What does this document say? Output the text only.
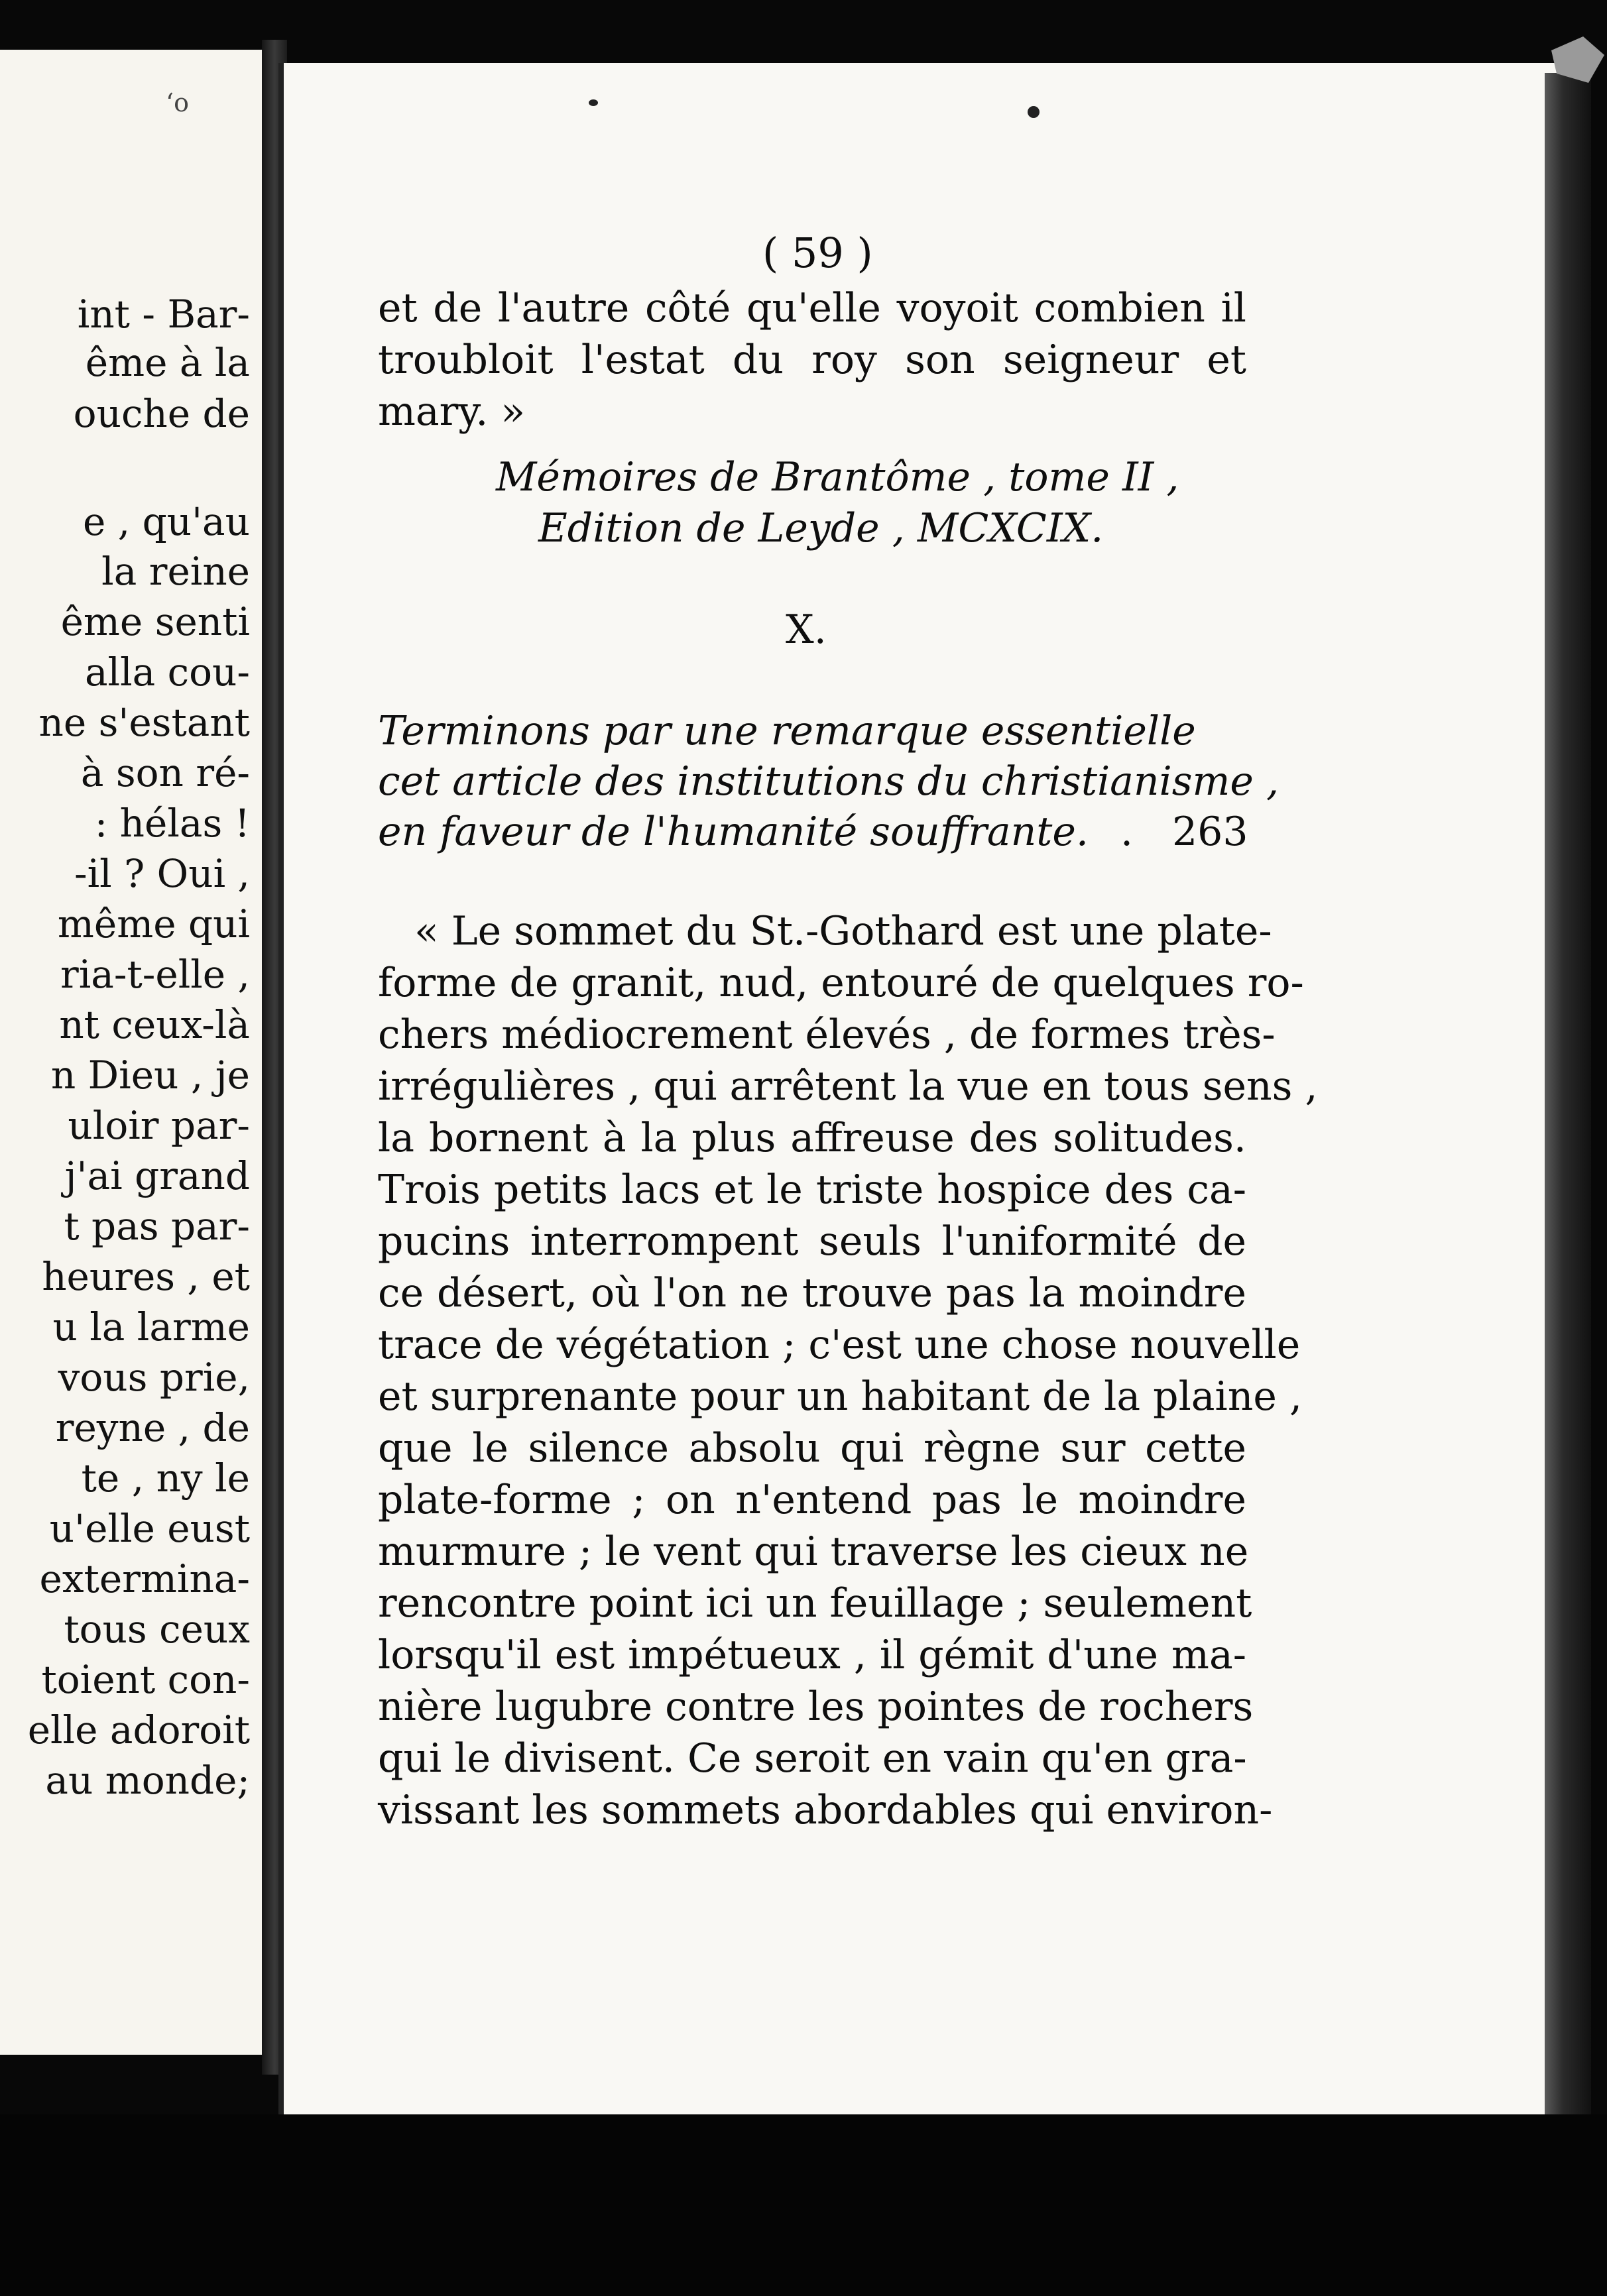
‘o
int - Bar-
ême à la
ouche de
e , qu'au
la reine
ême senti
alla cou-
ne s'estant
à son ré-
: hélas !
-il ? Oui ,
même qui
ria-t-elle ,
nt ceux-là
n Dieu , je
uloir par-
j'ai grand
t pas par-
heures , et
u la larme
vous prie,
reyne , de
te , ny le
u'elle eust
extermina-
tous ceux
toient con-
elle adoroit
au monde;
( 59 )
et de l'autre côté qu'elle voyoit combien il
troubloit l'estat du roy son seigneur et
mary. »
Mémoires de Brantôme , tome II ,
Edition de Leyde , MCXCIX.
X.
Terminons par une remarque essentielle
cet article des institutions du christianisme ,
en faveur de l'humanité souffrante. . 263
« Le sommet du St.-Gothard est une plate-
forme de granit, nud, entouré de quelques ro-
chers médiocrement élevés , de formes très-
irrégulières , qui arrêtent la vue en tous sens ,
la bornent à la plus affreuse des solitudes.
Trois petits lacs et le triste hospice des ca-
pucins interrompent seuls l'uniformité de
ce désert, où l'on ne trouve pas la moindre
trace de végétation ; c'est une chose nouvelle
et surprenante pour un habitant de la plaine ,
que le silence absolu qui règne sur cette
plate-forme ; on n'entend pas le moindre
murmure ; le vent qui traverse les cieux ne
rencontre point ici un feuillage ; seulement
lorsqu'il est impétueux , il gémit d'une ma-
nière lugubre contre les pointes de rochers
qui le divisent. Ce seroit en vain qu'en gra-
vissant les sommets abordables qui environ-
